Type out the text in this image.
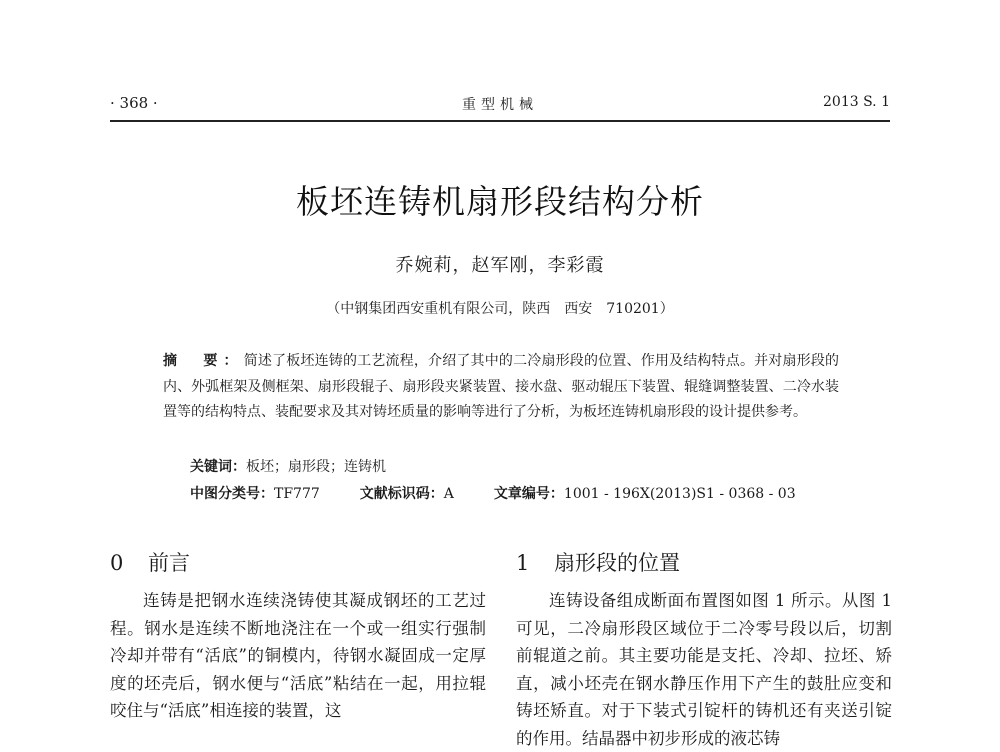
· 368 ·	重型机械	2013 S. 1
板坯连铸机扇形段结构分析
乔婉莉，赵军刚，李彩霞
（中钢集团西安重机有限公司，陕西　西安　710201）
摘　要：简述了板坯连铸的工艺流程，介绍了其中的二冷扇形段的位置、作用及结构特点。并对扇形段的内、外弧框架及侧框架、扇形段辊子、扇形段夹紧装置、接水盘、驱动辊压下装置、辊缝调整装置、二冷水装置等的结构特点、装配要求及其对铸坯质量的影响等进行了分析，为板坯连铸机扇形段的设计提供参考。
关键词：板坯；扇形段；连铸机
中图分类号：TF777	文献标识码：A	文章编号：1001 - 196X(2013)S1 - 0368 - 03
0 前言
连铸是把钢水连续浇铸使其凝成钢坯的工艺过程。钢水是连续不断地浇注在一个或一组实行强制冷却并带有“活底”的铜模内，待钢水凝固成一定厚度的坯壳后，钢水便与“活底”粘结在一起，用拉辊咬住与“活底”相连接的装置，这
1 扇形段的位置
连铸设备组成断面布置图如图 1 所示。从图 1 可见，二冷扇形段区域位于二冷零号段以后，切割前辊道之前。其主要功能是支托、冷却、拉坯、矫直，减小坯壳在钢水静压作用下产生的鼓肚应变和铸坯矫直。对于下装式引锭杆的铸机还有夹送引锭的作用。结晶器中初步形成的液芯铸
